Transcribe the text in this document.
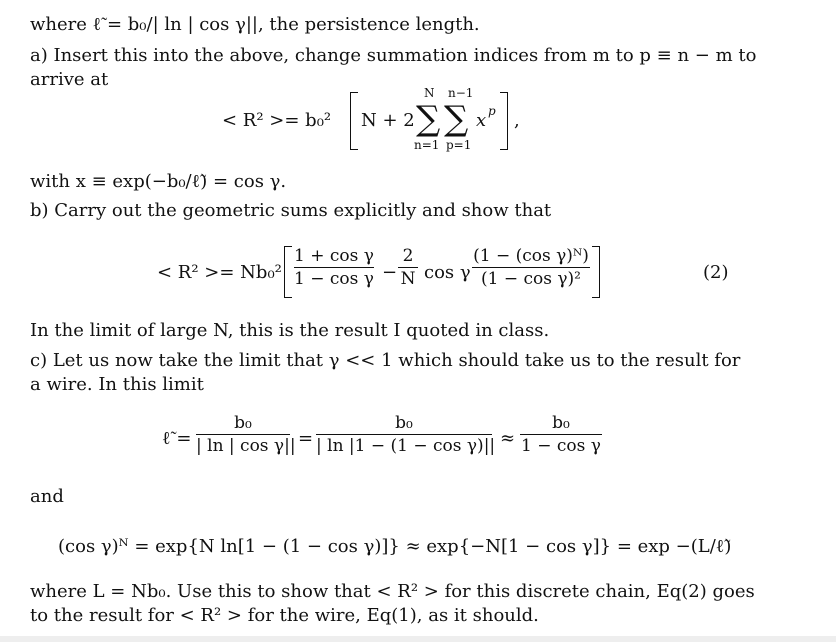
where ℓ̃ = b₀/| ln | cos γ||, the persistence length.
a) Insert this into the above, change summation indices from m to p ≡ n − m to
arrive at
< R² >= b₀² N + 2
N
∑
n=1
n−1
∑
p=1
x p ,
with x ≡ exp(−b₀/ℓ̃) = cos γ.
b) Carry out the geometric sums explicitly and show that
< R² >= Nb₀²
1 + cos γ
1 − cos γ −
2
N cos γ
(1 − (cos γ)ᴺ)
(1 − cos γ)²	(2)
In the limit of large N, this is the result I quoted in class.
c) Let us now take the limit that γ << 1 which should take us to the result for
a wire. In this limit
ℓ̃ =
b₀
| ln | cos γ|| =
b₀
| ln |1 − (1 − cos γ)|| ≈
b₀
1 − cos γ
and
(cos γ)ᴺ = exp{N ln[1 − (1 − cos γ)]} ≈ exp{−N[1 − cos γ]} = exp −(L/ℓ̃)
where L = Nb₀. Use this to show that < R² > for this discrete chain, Eq(2) goes
to the result for < R² > for the wire, Eq(1), as it should.
